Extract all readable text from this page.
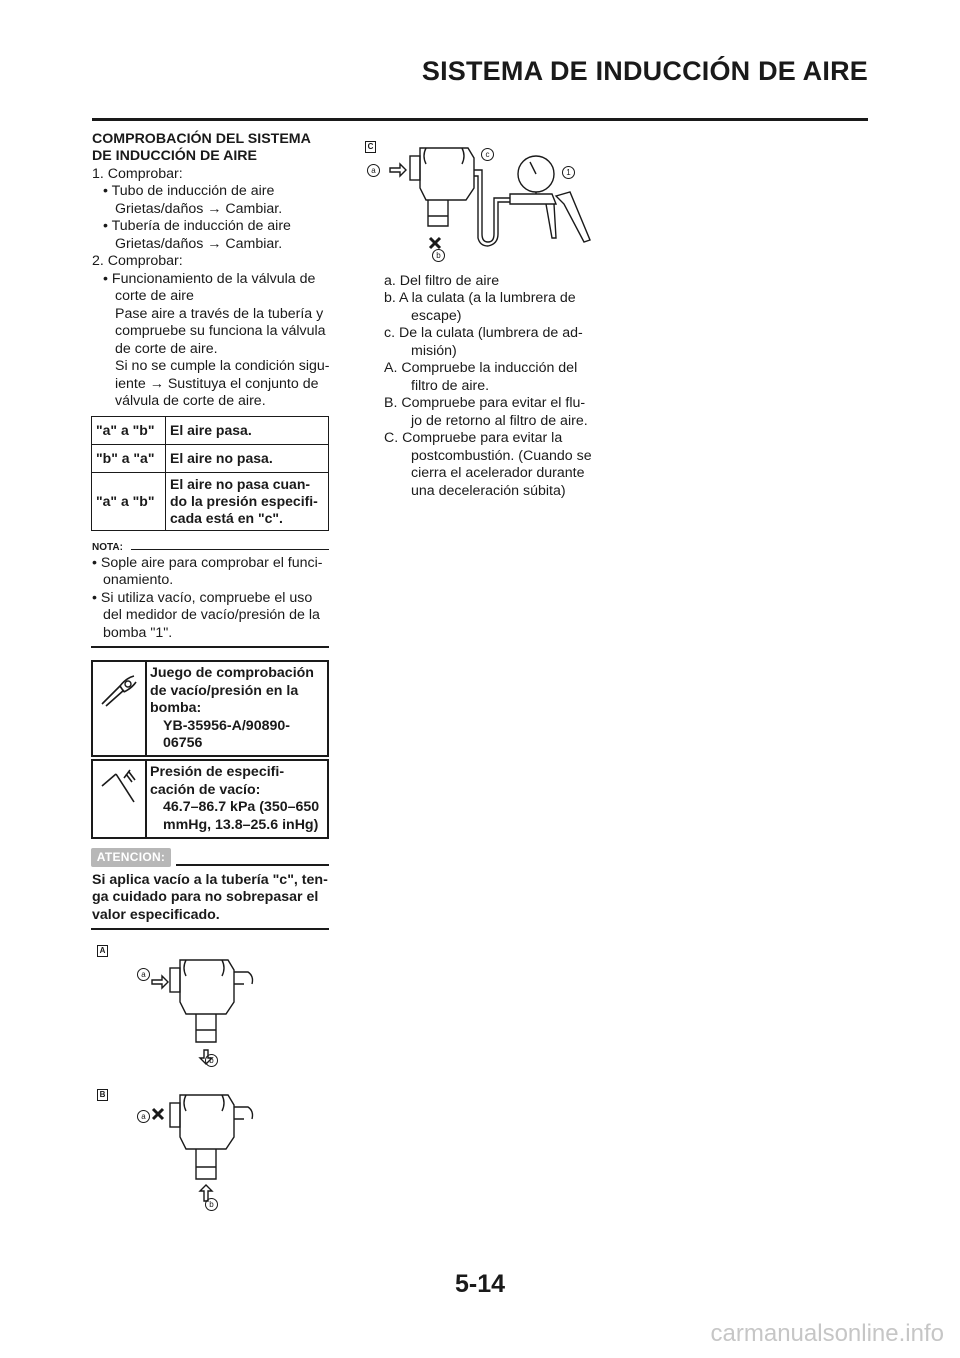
SISTEMA DE INDUCCIÓN DE AIRE
COMPROBACIÓN DEL SISTEMA
DE INDUCCIÓN DE AIRE
1. Comprobar:
• Tubo de inducción de aire
Grietas/daños → Cambiar.
• Tubería de inducción de aire
Grietas/daños → Cambiar.
2. Comprobar:
• Funcionamiento de la válvula de
corte de aire
Pase aire a través de la tubería y
compruebe su funciona la válvula
de corte de aire.
Si no se cumple la condición sigu-
iente → Sustituya el conjunto de
válvula de corte de aire.
"a" a "b"	El aire pasa.
"b" a "a"	El aire no pasa.
"a" a "b"	El aire no pasa cuan-
do la presión especifi-
cada está en "c".
NOTA:
• Sople aire para comprobar el funci-
onamiento.
• Si utiliza vacío, compruebe el uso
del medidor de vacío/presión de la
bomba "1".
Juego de comprobación
de vacío/presión en la
bomba:
YB-35956-A/90890-
06756
Presión de especifi-
cación de vacío:
46.7–86.7 kPa (350–650
mmHg, 13.8–25.6 inHg)
ATENCION:
Si aplica vacío a la tubería "c", ten-
ga cuidado para no sobrepasar el
valor especificado.
A
a
b
B
a
b
C
a
c
1
b
a. Del filtro de aire
b. A la culata (a la lumbrera de
escape)
c. De la culata (lumbrera de ad-
misión)
A. Compruebe la inducción del
filtro de aire.
B. Compruebe para evitar el flu-
jo de retorno al filtro de aire.
C. Compruebe para evitar la
postcombustión. (Cuando se
cierra el acelerador durante
una deceleración súbita)
5-14
carmanualsonline.info
